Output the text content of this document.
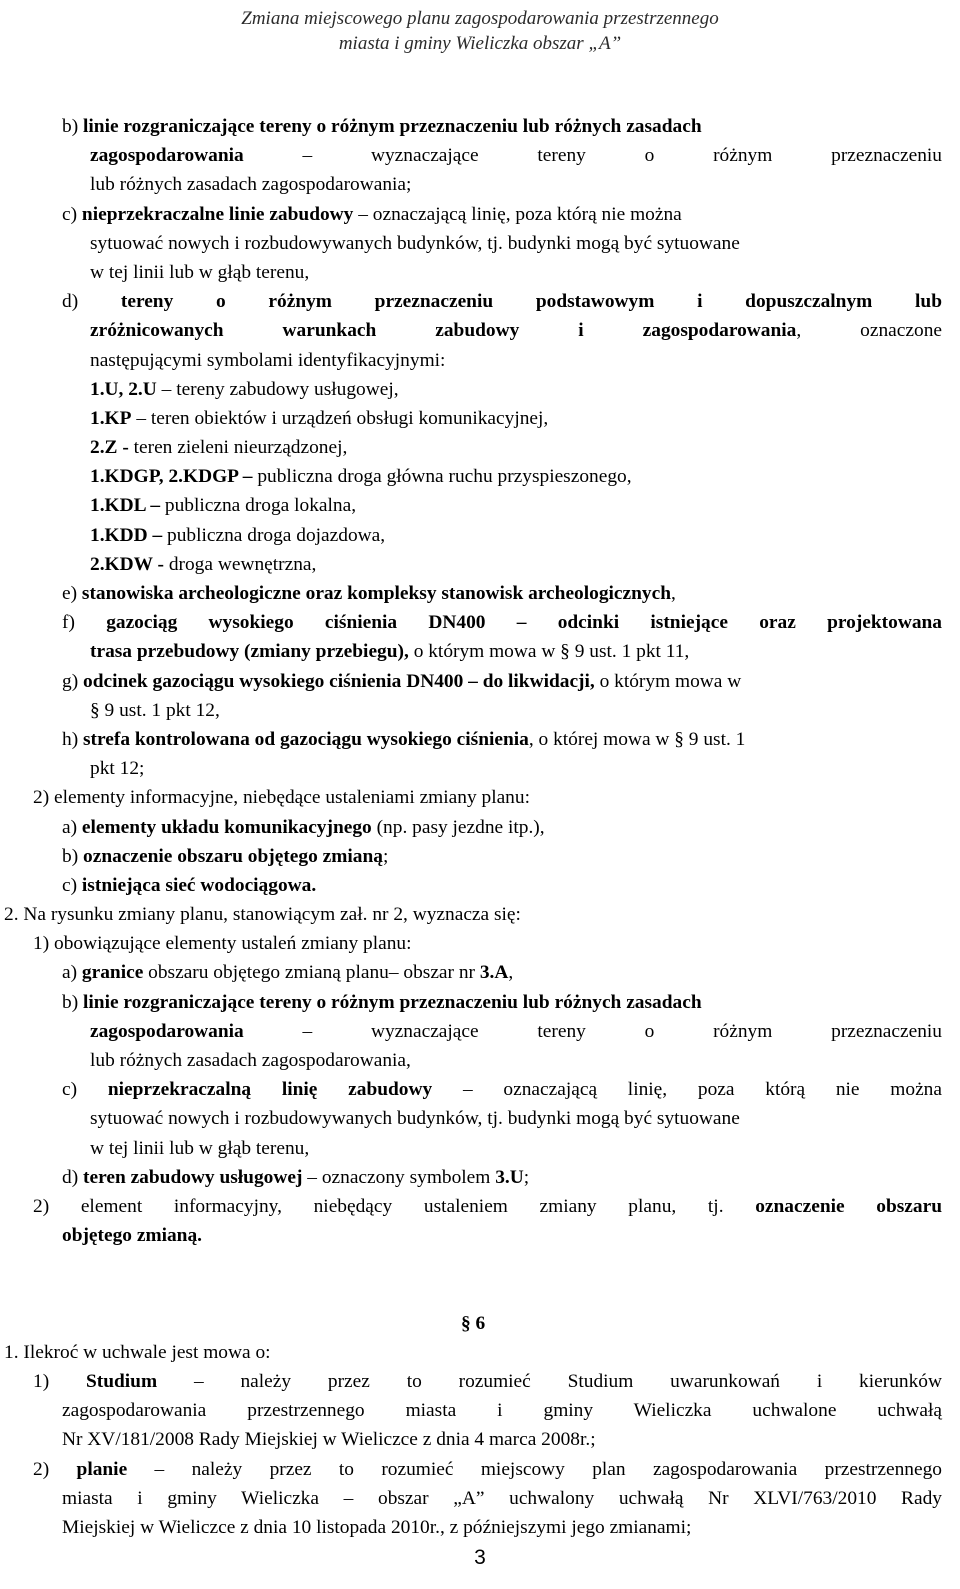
Zmiana miejscowego planu zagospodarowania przestrzennego
miasta i gminy Wieliczka obszar „A”
b) linie rozgraniczające tereny o różnym przeznaczeniu lub różnych zasadach
zagospodarowania – wyznaczające tereny o różnym przeznaczeniu
lub różnych zasadach zagospodarowania;
c) nieprzekraczalne linie zabudowy – oznaczającą linię, poza którą nie można
sytuować nowych i rozbudowywanych budynków, tj. budynki mogą być sytuowane
w tej linii lub w głąb terenu,
d) tereny o różnym przeznaczeniu podstawowym i dopuszczalnym lub
zróżnicowanych warunkach zabudowy i zagospodarowania, oznaczone
następującymi symbolami identyfikacyjnymi:
1.U, 2.U – tereny zabudowy usługowej,
1.KP – teren obiektów i urządzeń obsługi komunikacyjnej,
2.Z - teren zieleni nieurządzonej,
1.KDGP, 2.KDGP – publiczna droga główna ruchu przyspieszonego,
1.KDL – publiczna droga lokalna,
1.KDD – publiczna droga dojazdowa,
2.KDW - droga wewnętrzna,
e) stanowiska archeologiczne oraz kompleksy stanowisk archeologicznych,
f) gazociąg wysokiego ciśnienia DN400 – odcinki istniejące oraz projektowana
trasa przebudowy (zmiany przebiegu), o którym mowa w § 9 ust. 1 pkt 11,
g) odcinek gazociągu wysokiego ciśnienia DN400 – do likwidacji, o którym mowa w
§ 9 ust. 1 pkt 12,
h) strefa kontrolowana od gazociągu wysokiego ciśnienia, o której mowa w § 9 ust. 1
pkt 12;
2) elementy informacyjne, niebędące ustaleniami zmiany planu:
a) elementy układu komunikacyjnego (np. pasy jezdne itp.),
b) oznaczenie obszaru objętego zmianą;
c) istniejąca sieć wodociągowa.
2. Na rysunku zmiany planu, stanowiącym zał. nr 2, wyznacza się:
1) obowiązujące elementy ustaleń zmiany planu:
a) granice obszaru objętego zmianą planu– obszar nr 3.A,
b) linie rozgraniczające tereny o różnym przeznaczeniu lub różnych zasadach
zagospodarowania – wyznaczające tereny o różnym przeznaczeniu
lub różnych zasadach zagospodarowania,
c) nieprzekraczalną linię zabudowy – oznaczającą linię, poza którą nie można
sytuować nowych i rozbudowywanych budynków, tj. budynki mogą być sytuowane
w tej linii lub w głąb terenu,
d) teren zabudowy usługowej – oznaczony symbolem 3.U;
2) element informacyjny, niebędący ustaleniem zmiany planu, tj. oznaczenie obszaru
objętego zmianą.
§ 6
1. Ilekroć w uchwale jest mowa o:
1) Studium – należy przez to rozumieć Studium uwarunkowań i kierunków
zagospodarowania przestrzennego miasta i gminy Wieliczka uchwalone uchwałą
Nr XV/181/2008 Rady Miejskiej w Wieliczce z dnia 4 marca 2008r.;
2) planie – należy przez to rozumieć miejscowy plan zagospodarowania przestrzennego
miasta i gminy Wieliczka – obszar „A” uchwalony uchwałą Nr XLVI/763/2010 Rady
Miejskiej w Wieliczce z dnia 10 listopada 2010r., z późniejszymi jego zmianami;
3
